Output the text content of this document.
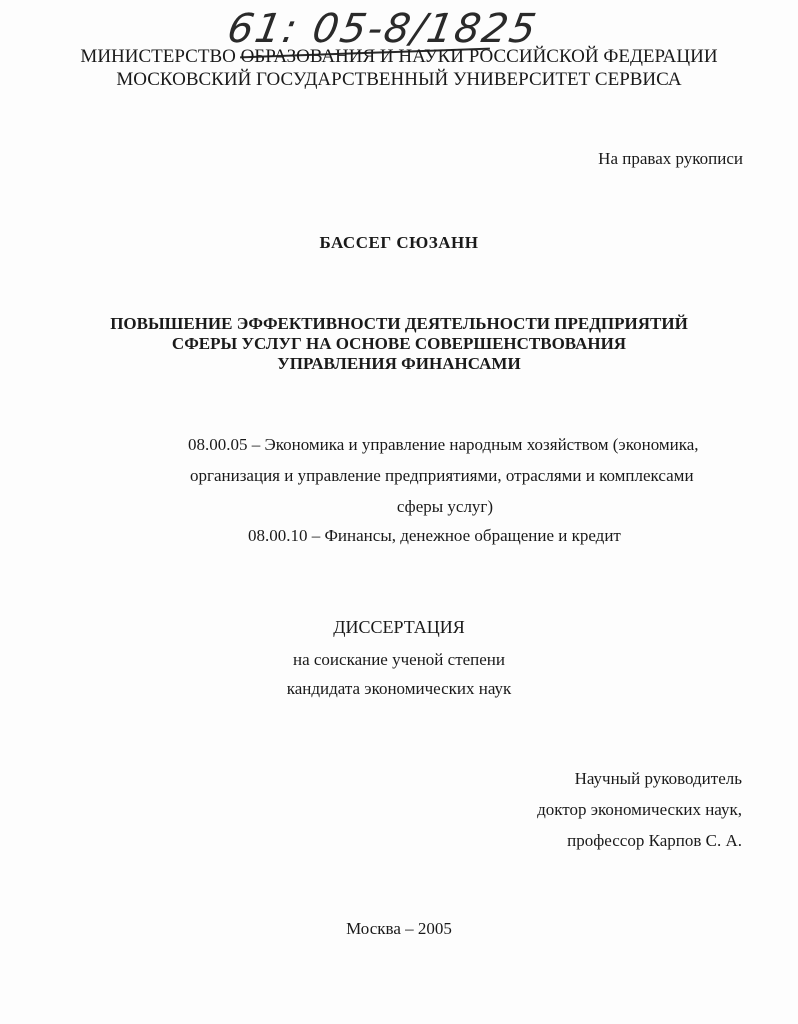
61: 05-8/1825
МИНИСТЕРСТВО ОБРАЗОВАНИЯ И НАУКИ РОССИЙСКОЙ ФЕДЕРАЦИИ
МОСКОВСКИЙ ГОСУДАРСТВЕННЫЙ УНИВЕРСИТЕТ СЕРВИСА
На правах рукописи
БАССЕГ СЮЗАНН
ПОВЫШЕНИЕ ЭФФЕКТИВНОСТИ ДЕЯТЕЛЬНОСТИ ПРЕДПРИЯТИЙ
СФЕРЫ УСЛУГ НА ОСНОВЕ СОВЕРШЕНСТВОВАНИЯ
УПРАВЛЕНИЯ ФИНАНСАМИ
08.00.05 – Экономика и управление народным хозяйством (экономика,
организация и управление предприятиями, отраслями и комплексами
сферы услуг)
08.00.10 – Финансы, денежное обращение и кредит
ДИССЕРТАЦИЯ
на соискание ученой степени
кандидата экономических наук
Научный руководитель
доктор экономических наук,
профессор Карпов С. А.
Москва – 2005
